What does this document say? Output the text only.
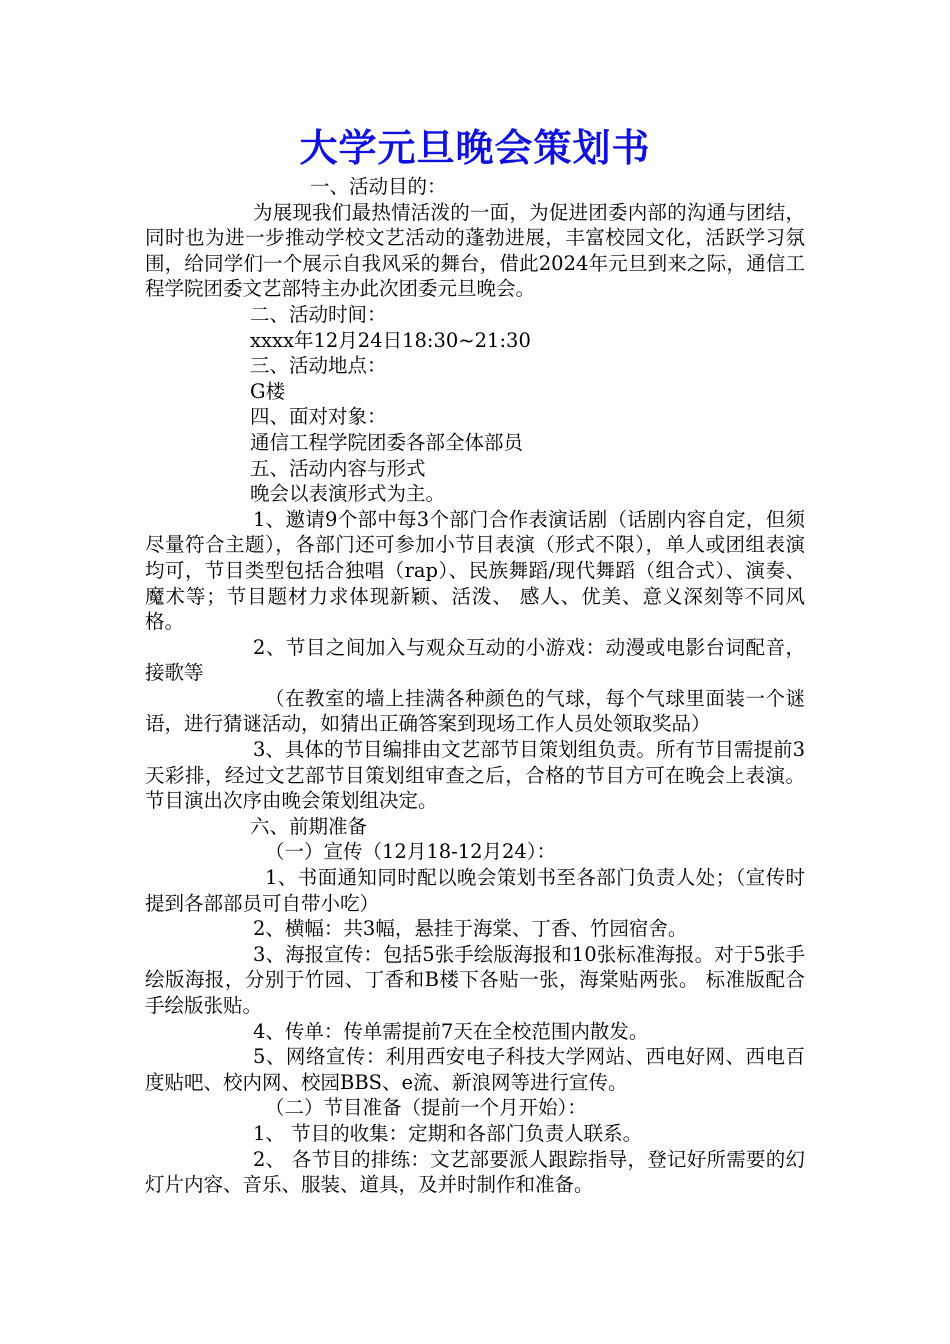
大学元旦晚会策划书

一、活动目的：

为展现我们最热情活泼的一面，为促进团委内部的沟通与团结，同时也为进一步推动学校文艺活动的蓬勃进展，丰富校园文化，活跃学习氛围，给同学们一个展示自我风采的舞台，借此2024年元旦到来之际，通信工程学院团委文艺部特主办此次团委元旦晚会。

二、活动时间：

xxxx年12月24日18:30~21:30

三、活动地点：

G楼

四、面对对象：

通信工程学院团委各部全体部员

五、活动内容与形式

晚会以表演形式为主。

1、邀请9个部中每3个部门合作表演话剧（话剧内容自定，但须尽量符合主题），各部门还可参加小节目表演（形式不限），单人或团组表演均可，节目类型包括合独唱（rap）、民族舞蹈/现代舞蹈（组合式）、演奏、魔术等；节目题材力求体现新颖、活泼、 感人、优美、意义深刻等不同风格。

2、节目之间加入与观众互动的小游戏：动漫或电影台词配音，接歌等

（在教室的墙上挂满各种颜色的气球，每个气球里面装一个谜语，进行猜谜活动，如猜出正确答案到现场工作人员处领取奖品）

3、具体的节目编排由文艺部节目策划组负责。所有节目需提前3天彩排，经过文艺部节目策划组审查之后，合格的节目方可在晚会上表演。节目演出次序由晚会策划组决定。

六、前期准备

（一）宣传（12月18-12月24）：

1、书面通知同时配以晚会策划书至各部门负责人处；（宣传时提到各部部员可自带小吃）

2、横幅：共3幅，悬挂于海棠、丁香、竹园宿舍。

3、海报宣传：包括5张手绘版海报和10张标准海报。对于5张手绘版海报，分别于竹园、丁香和B楼下各贴一张，海棠贴两张。 标准版配合手绘版张贴。

4、传单：传单需提前7天在全校范围内散发。

5、网络宣传：利用西安电子科技大学网站、西电好网、西电百度贴吧、校内网、校园BBS、e流、新浪网等进行宣传。

（二）节目准备（提前一个月开始）：

1、 节目的收集：定期和各部门负责人联系。

2、 各节目的排练：文艺部要派人跟踪指导，登记好所需要的幻灯片内容、音乐、服装、道具，及并时制作和准备。
